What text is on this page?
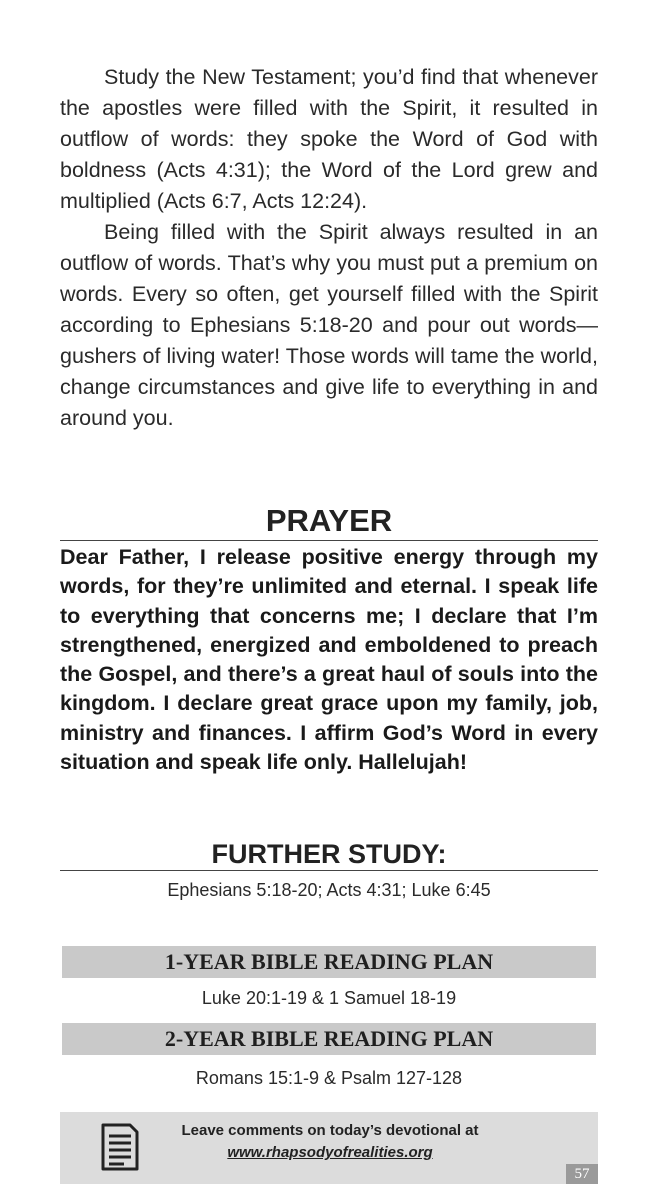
Study the New Testament; you’d find that whenever the apostles were filled with the Spirit, it resulted in outflow of words: they spoke the Word of God with boldness (Acts 4:31); the Word of the Lord grew and multiplied (Acts 6:7, Acts 12:24).

Being filled with the Spirit always resulted in an outflow of words. That’s why you must put a premium on words. Every so often, get yourself filled with the Spirit according to Ephesians 5:18-20 and pour out words—gushers of living water! Those words will tame the world, change circumstances and give life to everything in and around you.

PRAYER
Dear Father, I release positive energy through my words, for they’re unlimited and eternal. I speak life to everything that concerns me; I declare that I’m strengthened, energized and emboldened to preach the Gospel, and there’s a great haul of souls into the kingdom. I declare great grace upon my family, job, ministry and finances. I affirm God’s Word in every situation and speak life only. Hallelujah!
FURTHER STUDY:
Ephesians 5:18-20; Acts 4:31; Luke 6:45
1-YEAR BIBLE READING PLAN
Luke 20:1-19 & 1 Samuel 18-19
2-YEAR BIBLE READING PLAN
Romans 15:1-9 & Psalm 127-128
Leave comments on today’s devotional at
www.rhapsodyofrealities.org
57
